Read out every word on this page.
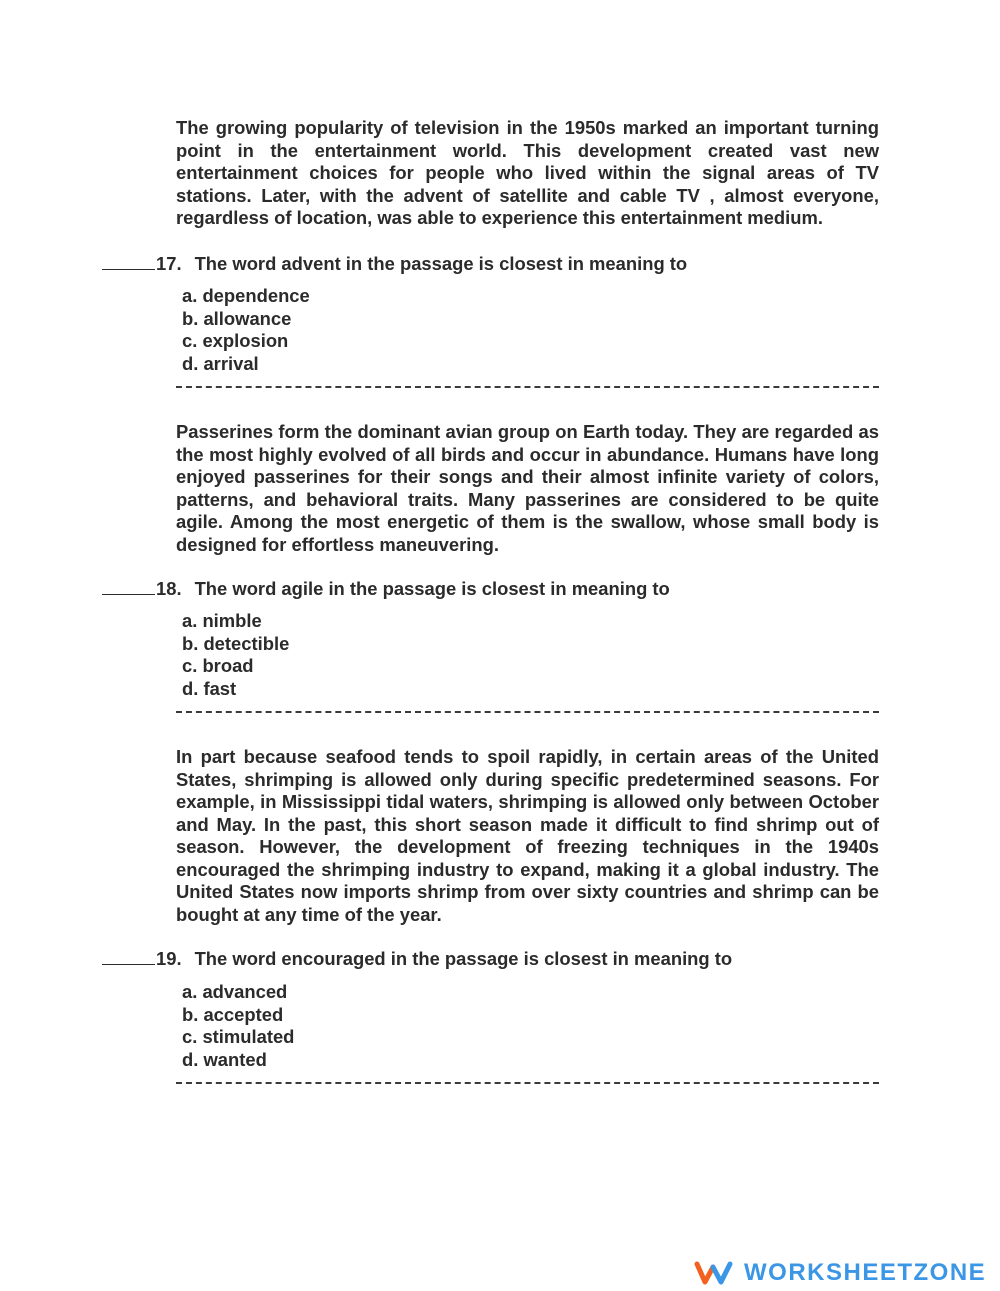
The growing popularity of television in the 1950s marked an important turning point in the entertainment world. This development created vast new entertainment choices for people who lived within the signal areas of TV stations. Later, with the advent of satellite and cable TV , almost everyone, regardless of location, was able to experience this entertainment medium.

17. The word advent in the passage is closest in meaning to
a. dependence
b. allowance
c. explosion
d. arrival

Passerines form the dominant avian group on Earth today. They are regarded as the most highly evolved of all birds and occur in abundance. Humans have long enjoyed passerines for their songs and their almost infinite variety of colors, patterns, and behavioral traits. Many passerines are considered to be quite agile. Among the most energetic of them is the swallow, whose small body is designed for effortless maneuvering.

18. The word agile in the passage is closest in meaning to
a. nimble
b. detectible
c. broad
d. fast

In part because seafood tends to spoil rapidly, in certain areas of the United States, shrimping is allowed only during specific predetermined seasons. For example, in Mississippi tidal waters, shrimping is allowed only between October and May. In the past, this short season made it difficult to find shrimp out of season. However, the development of freezing techniques in the 1940s encouraged the shrimping industry to expand, making it a global industry. The United States now imports shrimp from over sixty countries and shrimp can be bought at any time of the year.

19. The word encouraged in the passage is closest in meaning to
a. advanced
b. accepted
c. stimulated
d. wanted
WORKSHEETZONE
